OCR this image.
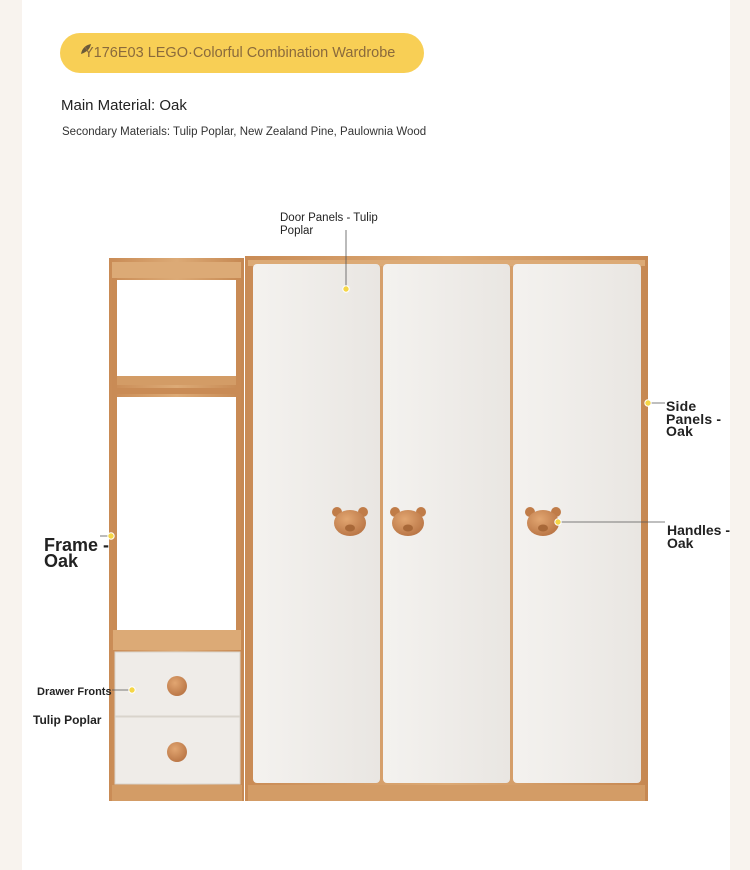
Y176E03 LEGO·Colorful Combination Wardrobe
Main Material: Oak
Secondary Materials: Tulip Poplar, New Zealand Pine, Paulownia Wood
Door Panels - Tulip Poplar
Side Panels - Oak
Handles - Oak
Frame - Oak
Drawer Fronts
Tulip Poplar
